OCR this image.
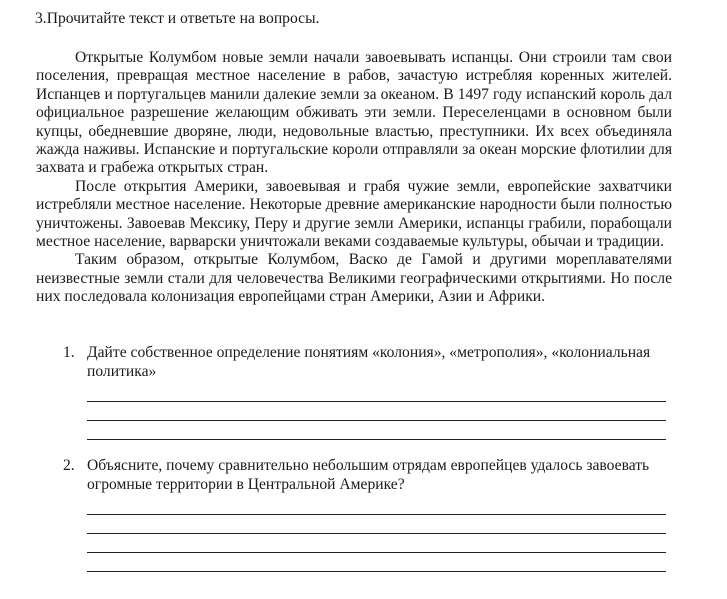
3.Прочитайте текст и ответьте на вопросы.

Открытые Колумбом новые земли начали завоевывать испанцы. Они строили там свои поселения, превращая местное население в рабов, зачастую истребляя коренных жителей. Испанцев и португальцев манили далекие земли за океаном. В 1497 году испанский король дал официальное разрешение желающим обживать эти земли. Переселенцами в основном были купцы, обедневшие дворяне, люди, недовольные властью, преступники. Их всех объединяла жажда наживы. Испанские и португальские короли отправляли за океан морские флотилии для захвата и грабежа открытых стран.

После открытия Америки, завоевывая и грабя чужие земли, европейские захватчики истребляли местное население. Некоторые древние американские народности были полностью уничтожены. Завоевав Мексику, Перу и другие земли Америки, испанцы грабили, порабощали местное население, варварски уничтожали веками создаваемые культуры, обычаи и традиции.

Таким образом, открытые Колумбом, Васко де Гамой и другими мореплавателями неизвестные земли стали для человечества Великими географическими открытиями. Но после них последовала колонизация европейцами стран Америки, Азии и Африки.

1. Дайте собственное определение понятиям «колония», «метрополия», «колониальная политика»
2. Объясните, почему сравнительно небольшим отрядам европейцев удалось завоевать огромные территории в Центральной Америке?
